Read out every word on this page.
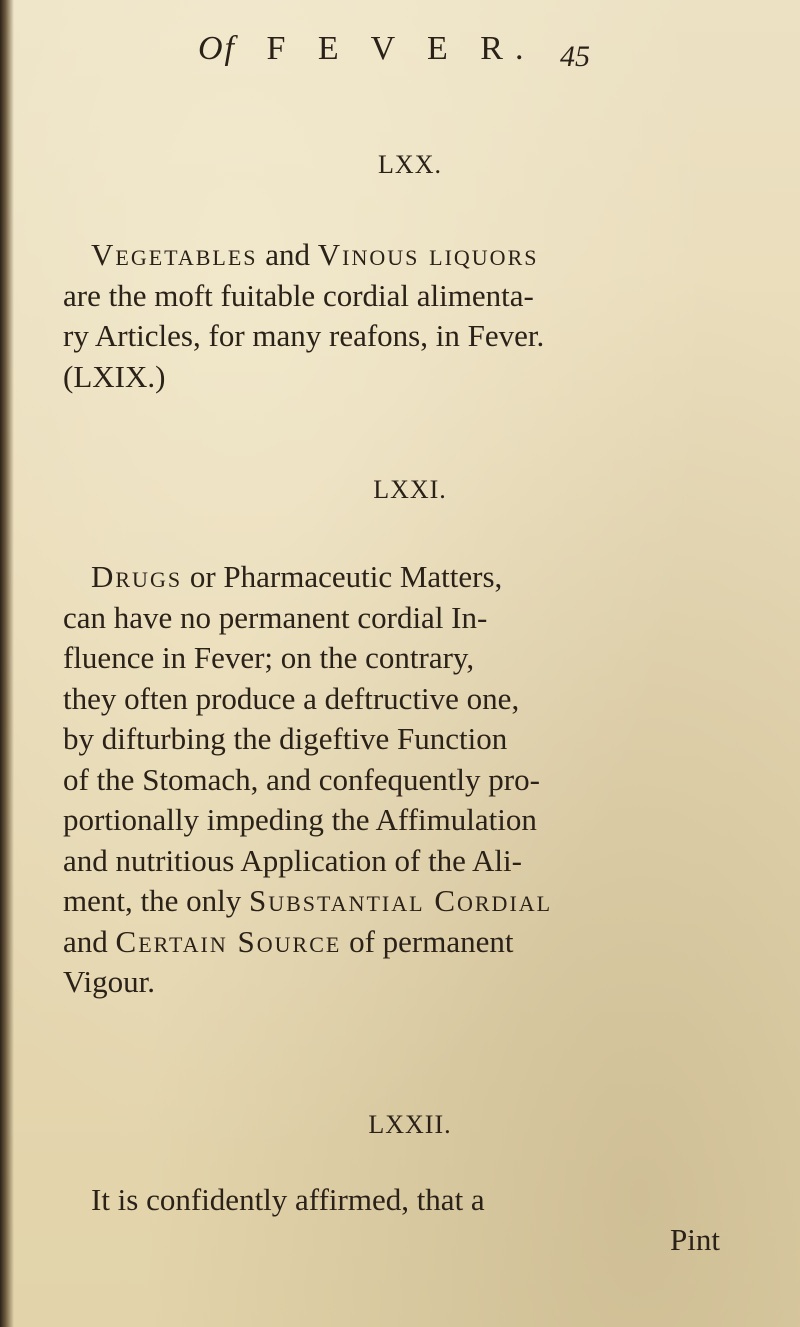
Of F E V E R. 45
LXX.
Vegetables and Vinous liquors
are the moft fuitable cordial alimenta-
ry Articles, for many reafons, in Fever.
(LXIX.)
LXXI.
Drugs or Pharmaceutic Matters,
can have no permanent cordial In-
fluence in Fever; on the contrary,
they often produce a deftructive one,
by difturbing the digeftive Function
of the Stomach, and confequently pro-
portionally impeding the Affimulation
and nutritious Application of the Ali-
ment, the only Substantial Cordial
and Certain Source of permanent
Vigour.
LXXII.
It is confidently affirmed, that a
Pint
